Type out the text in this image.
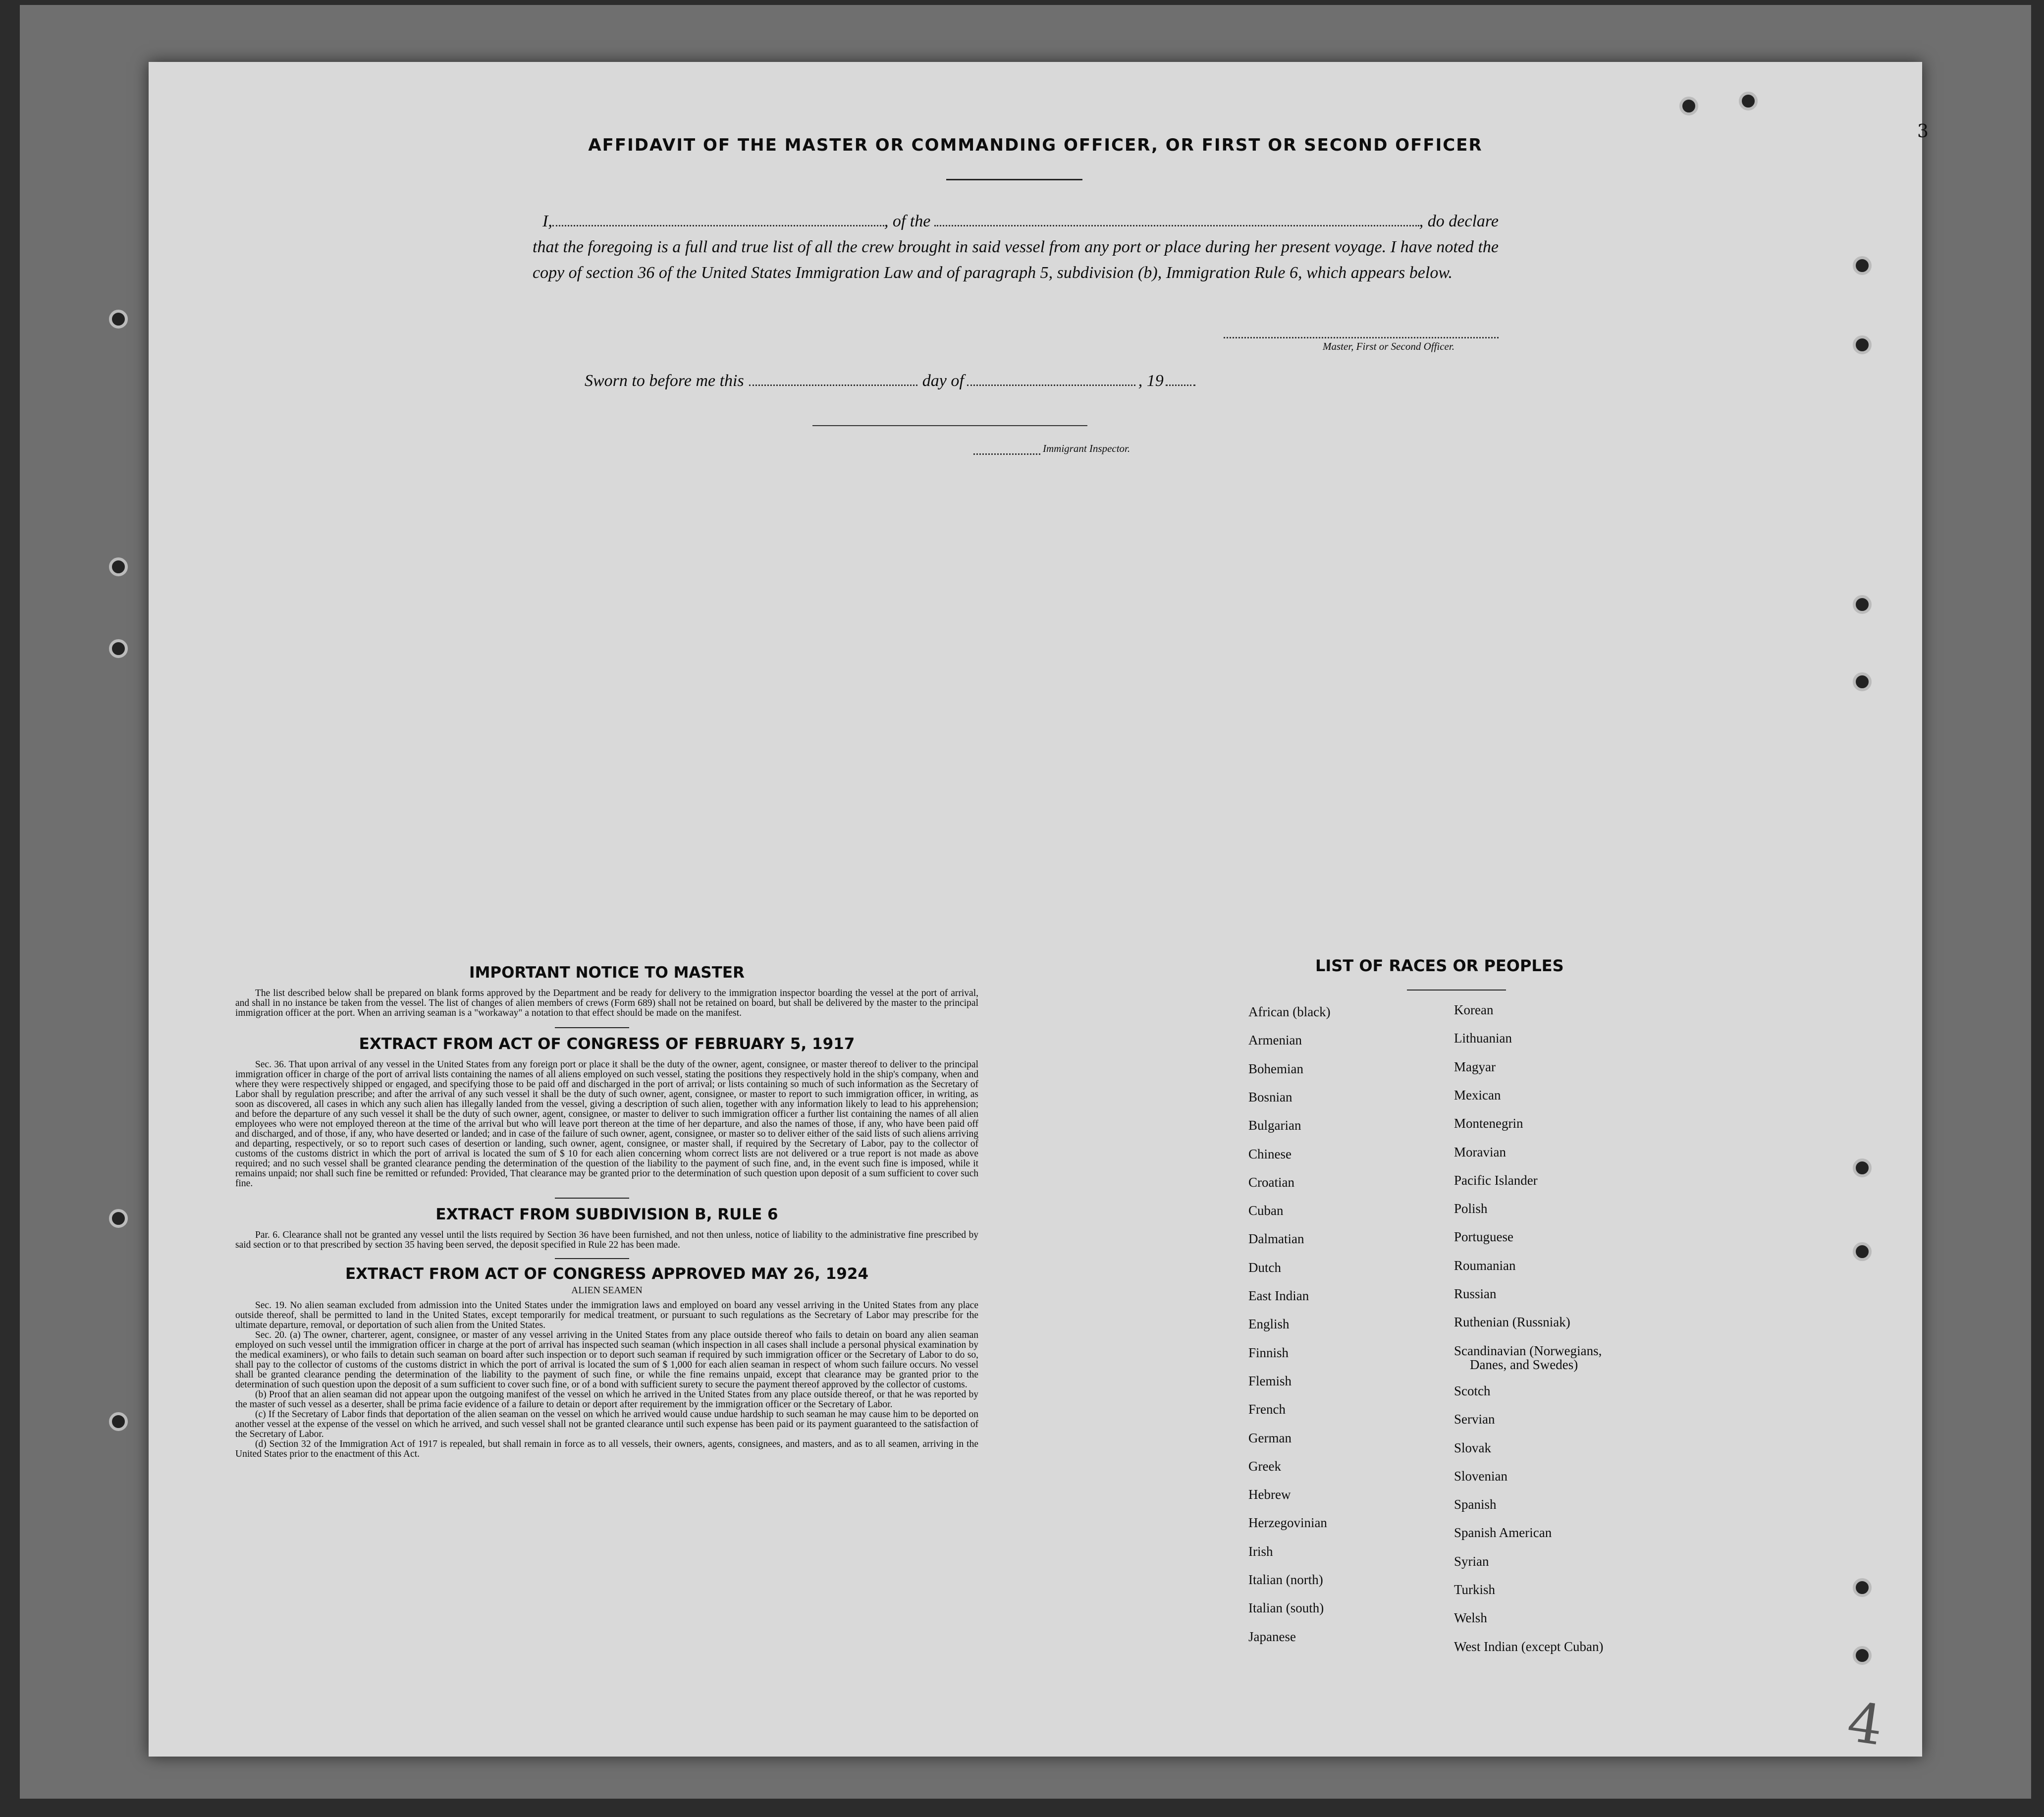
3
4
AFFIDAVIT OF THE MASTER OR COMMANDING OFFICER, OR FIRST OR SECOND OFFICER
I,	, of the	, do declare
that the foregoing is a full and true list of all the crew brought in said vessel from any port or place during her present voyage. I have noted the copy of section 36 of the United States Immigration Law and of paragraph 5, subdivision (b), Immigration Rule 6, which appears below.
Master, First or Second Officer.
Sworn to before me this	day of	, 19
Immigrant Inspector.
IMPORTANT NOTICE TO MASTER
The list described below shall be prepared on blank forms approved by the Department and be ready for delivery to the immigration inspector boarding the vessel at the port of arrival, and shall in no instance be taken from the vessel. The list of changes of alien members of crews (Form 689) shall not be retained on board, but shall be delivered by the master to the principal immigration officer at the port. When an arriving seaman is a "workaway" a notation to that effect should be made on the manifest.
EXTRACT FROM ACT OF CONGRESS OF FEBRUARY 5, 1917
Sec. 36. That upon arrival of any vessel in the United States from any foreign port or place it shall be the duty of the owner, agent, consignee, or master thereof to deliver to the principal immigration officer in charge of the port of arrival lists containing the names of all aliens employed on such vessel, stating the positions they respectively hold in the ship's company, when and where they were respectively shipped or engaged, and specifying those to be paid off and discharged in the port of arrival; or lists containing so much of such information as the Secretary of Labor shall by regulation prescribe; and after the arrival of any such vessel it shall be the duty of such owner, agent, consignee, or master to report to such immigration officer, in writing, as soon as discovered, all cases in which any such alien has illegally landed from the vessel, giving a description of such alien, together with any information likely to lead to his apprehension; and before the departure of any such vessel it shall be the duty of such owner, agent, consignee, or master to deliver to such immigration officer a further list containing the names of all alien employees who were not employed thereon at the time of the arrival but who will leave port thereon at the time of her departure, and also the names of those, if any, who have been paid off and discharged, and of those, if any, who have deserted or landed; and in case of the failure of such owner, agent, consignee, or master so to deliver either of the said lists of such aliens arriving and departing, respectively, or so to report such cases of desertion or landing, such owner, agent, consignee, or master shall, if required by the Secretary of Labor, pay to the collector of customs of the customs district in which the port of arrival is located the sum of $ 10 for each alien concerning whom correct lists are not delivered or a true report is not made as above required; and no such vessel shall be granted clearance pending the determination of the question of the liability to the payment of such fine, and, in the event such fine is imposed, while it remains unpaid; nor shall such fine be remitted or refunded: Provided, That clearance may be granted prior to the determination of such question upon deposit of a sum sufficient to cover such fine.
EXTRACT FROM SUBDIVISION B, RULE 6
Par. 6. Clearance shall not be granted any vessel until the lists required by Section 36 have been furnished, and not then unless, notice of liability to the administrative fine prescribed by said section or to that prescribed by section 35 having been served, the deposit specified in Rule 22 has been made.
EXTRACT FROM ACT OF CONGRESS APPROVED MAY 26, 1924
ALIEN SEAMEN
Sec. 19. No alien seaman excluded from admission into the United States under the immigration laws and employed on board any vessel arriving in the United States from any place outside thereof, shall be permitted to land in the United States, except temporarily for medical treatment, or pursuant to such regulations as the Secretary of Labor may prescribe for the ultimate departure, removal, or deportation of such alien from the United States.
Sec. 20. (a) The owner, charterer, agent, consignee, or master of any vessel arriving in the United States from any place outside thereof who fails to detain on board any alien seaman employed on such vessel until the immigration officer in charge at the port of arrival has inspected such seaman (which inspection in all cases shall include a personal physical examination by the medical examiners), or who fails to detain such seaman on board after such inspection or to deport such seaman if required by such immigration officer or the Secretary of Labor to do so, shall pay to the collector of customs of the customs district in which the port of arrival is located the sum of $ 1,000 for each alien seaman in respect of whom such failure occurs. No vessel shall be granted clearance pending the determination of the liability to the payment of such fine, or while the fine remains unpaid, except that clearance may be granted prior to the determination of such question upon the deposit of a sum sufficient to cover such fine, or of a bond with sufficient surety to secure the payment thereof approved by the collector of customs.
(b) Proof that an alien seaman did not appear upon the outgoing manifest of the vessel on which he arrived in the United States from any place outside thereof, or that he was reported by the master of such vessel as a deserter, shall be prima facie evidence of a failure to detain or deport after requirement by the immigration officer or the Secretary of Labor.
(c) If the Secretary of Labor finds that deportation of the alien seaman on the vessel on which he arrived would cause undue hardship to such seaman he may cause him to be deported on another vessel at the expense of the vessel on which he arrived, and such vessel shall not be granted clearance until such expense has been paid or its payment guaranteed to the satisfaction of the Secretary of Labor.
(d) Section 32 of the Immigration Act of 1917 is repealed, but shall remain in force as to all vessels, their owners, agents, consignees, and masters, and as to all seamen, arriving in the United States prior to the enactment of this Act.
LIST OF RACES OR PEOPLES
African (black)
Armenian
Bohemian
Bosnian
Bulgarian
Chinese
Croatian
Cuban
Dalmatian
Dutch
East Indian
English
Finnish
Flemish
French
German
Greek
Hebrew
Herzegovinian
Irish
Italian (north)
Italian (south)
Japanese
Korean
Lithuanian
Magyar
Mexican
Montenegrin
Moravian
Pacific Islander
Polish
Portuguese
Roumanian
Russian
Ruthenian (Russniak)
Scandinavian (Norwegians,
Danes, and Swedes)
Scotch
Servian
Slovak
Slovenian
Spanish
Spanish American
Syrian
Turkish
Welsh
West Indian (except Cuban)
